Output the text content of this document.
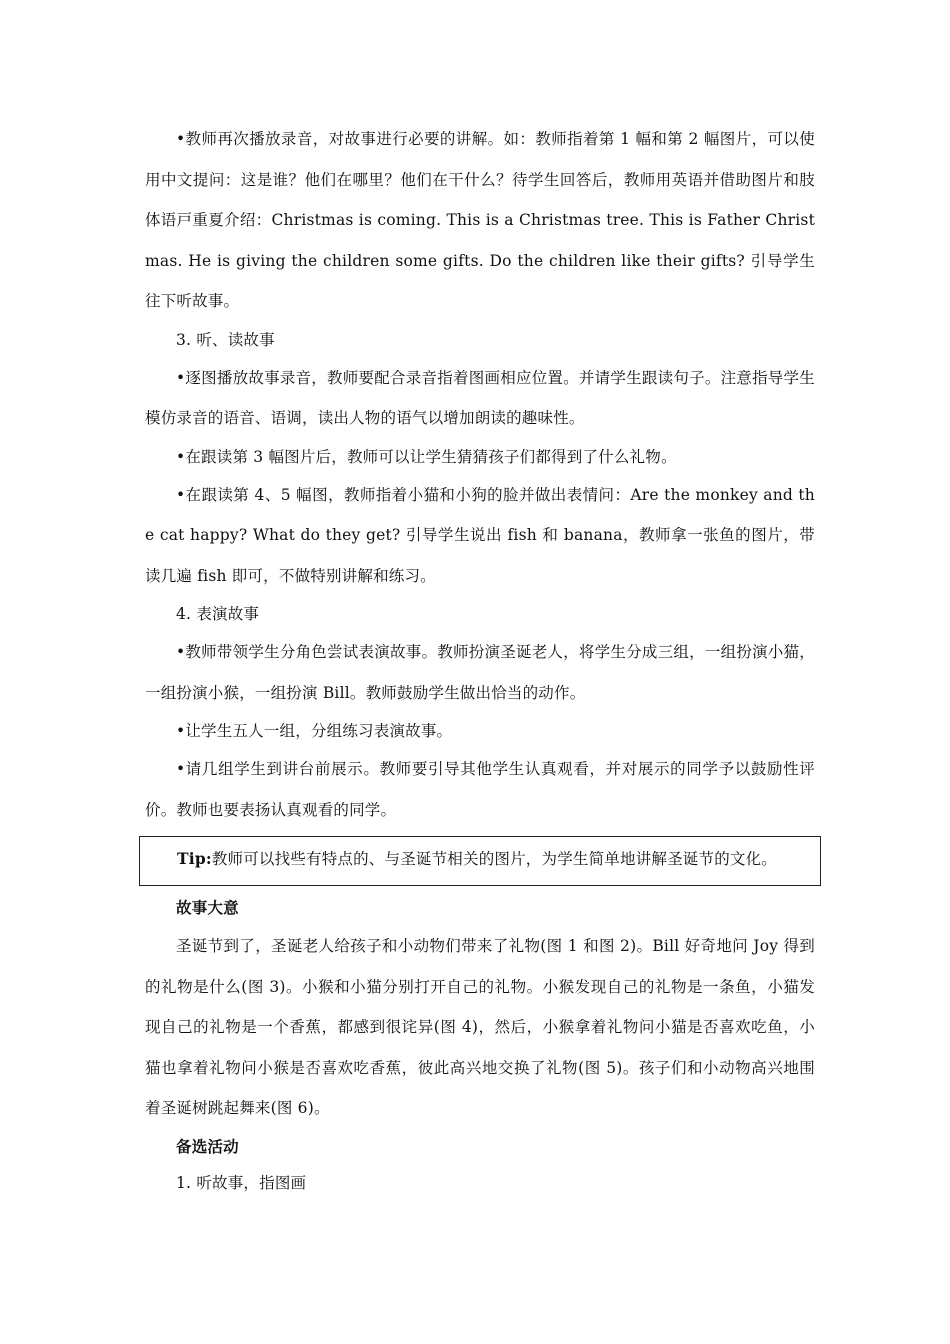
•教师再次播放录音，对故事进行必要的讲解。如：教师指着第 1 幅和第 2 幅图片，可以使用中文提问：这是谁？他们在哪里？他们在干什么？待学生回答后，教师用英语并借助图片和肢体语戸重夏介绍：Christmas is coming. This is a Christmas tree. This is Father Christmas. He is giving the children some gifts. Do the children like their gifts? 引导学生往下听故事。

3. 听、读故事

•逐图播放故事录音，教师要配合录音指着图画相应位置。并请学生跟读句子。注意指导学生模仿录音的语音、语调，读出人物的语气以增加朗读的趣味性。

•在跟读第 3 幅图片后，教师可以让学生猜猜孩子们都得到了什么礼物。

•在跟读第 4、5 幅图，教师指着小猫和小狗的脸并做出表情问：Are the monkey and the cat happy? What do they get? 引导学生说出 fish 和 banana，教师拿一张鱼的图片，带读几遍 fish 即可，不做特别讲解和练习。

4. 表演故事

•教师带领学生分角色尝试表演故事。教师扮演圣诞老人，将学生分成三组，一组扮演小猫，一组扮演小猴，一组扮演 Bill。教师鼓励学生做出恰当的动作。

•让学生五人一组，分组练习表演故事。

•请几组学生到讲台前展示。教师要引导其他学生认真观看，并对展示的同学予以鼓励性评价。教师也要表扬认真观看的同学。

Tip:教师可以找些有特点的、与圣诞节相关的图片，为学生简单地讲解圣诞节的文化。

故事大意

圣诞节到了，圣诞老人给孩子和小动物们带来了礼物(图 1 和图 2)。Bill 好奇地问 Joy 得到的礼物是什么(图 3)。小猴和小猫分别打开自己的礼物。小猴发现自己的礼物是一条鱼，小猫发现自己的礼物是一个香蕉，都感到很诧异(图 4)，然后，小猴拿着礼物问小猫是否喜欢吃鱼，小猫也拿着礼物问小猴是否喜欢吃香蕉，彼此高兴地交换了礼物(图 5)。孩子们和小动物高兴地围着圣诞树跳起舞来(图 6)。

备选活动

1. 听故事，指图画
